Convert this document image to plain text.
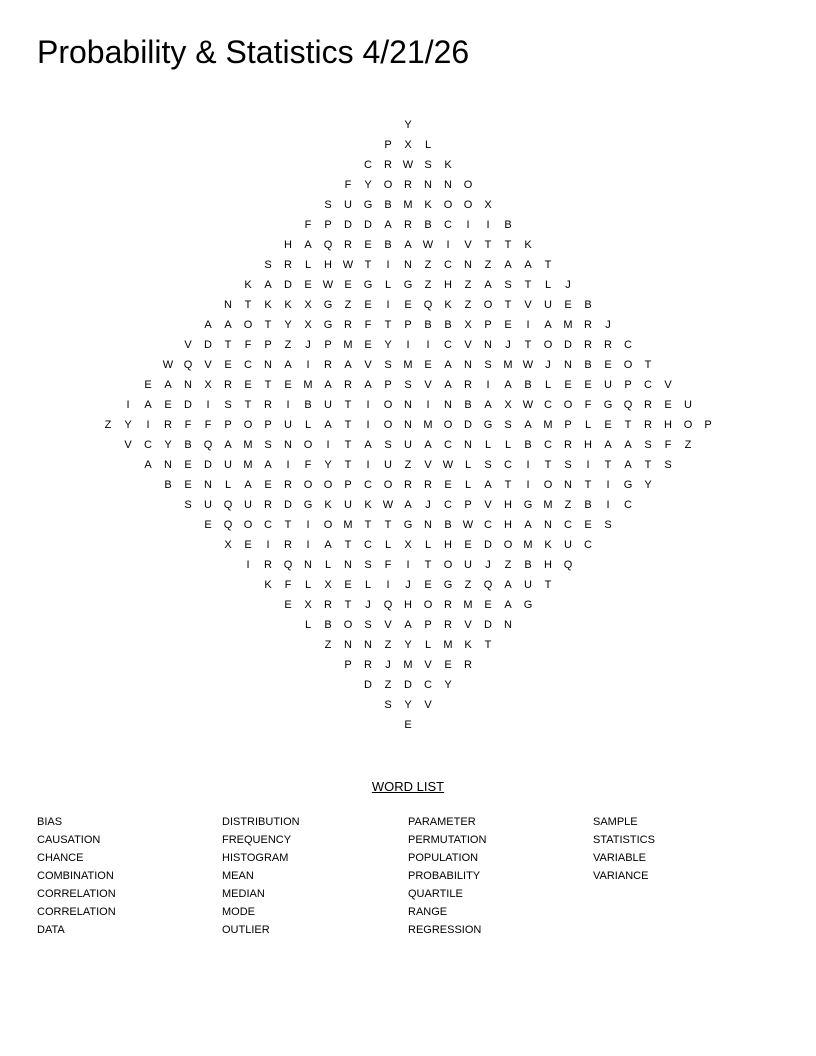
Probability & Statistics 4/21/26
Y
P	X	L
C	R W	S	K
F	Y	O	R	N	N	O
S	U	G	B	M	K	O	O	X
F	P	D	D	A	R	B	C	I	I	B
H	A	Q	R	E	B	A	W	I	V	T	T	K
S	R	L	H W	T	I	N	Z	C	N	Z	A	A	T
K	A	D	E	W	E	G	L	G	Z	H	Z	A	S	T	L	J
N	T	K	K	X	G	Z	E	I	E	Q	K	Z	O	T	V	U	E	B
A	A	O	T	Y	X	G	R	F	T	P	B	B	X	P	E	I	A	M	R	J
V	D	T	F	P	Z	J	P	M	E	Y	I	I	C	V	N	J	T	O	D	R	R	C
W Q	V	E	C	N	A	I	R	A	V	S	M	E	A	N	S	M W	J	N	B	E	O	T
E	A	N	X	R	E	T	E	M	A	R	A	P	S	V	A	R	I	A	B	L	E	E	U	P	C	V
I	A	E	D	I	S	T	R	I	B	U	T	I	O	N	I	N	B	A	X	W C	O	F	G	Q	R	E	U
Z	Y	I	R	F	F	P	O	P	U	L	A	T	I	O	N	M	O	D	G	S	A	M	P	L	E	T	R	H	O	P
V	C	Y	B	Q	A	M	S	N	O	I	T	A	S	U	A	C	N	L	L	B	C	R	H	A	A	S	F	Z
A	N	E	D	U	M	A	I	F	Y	T	I	U	Z	V	W	L	S	C	I	T	S	I	T	A	T	S
B	E	N	L	A	E	R	O	O	P	C	O	R	R	E	L	A	T	I	O	N	T	I	G	Y
S	U	Q	U	R	D	G	K	U	K	W	A	J	C	P	V	H	G	M	Z	B	I	C
E	Q	O	C	T	I	O	M	T	T	G	N	B	W C	H	A	N	C	E	S
X	E	I	R	I	A	T	C	L	X	L	H	E	D	O	M	K	U	C
I	R	Q	N	L	N	S	F	I	T	O	U	J	Z	B	H	Q
K	F	L	X	E	L	I	J	E	G	Z	Q	A	U	T
E	X	R	T	J	Q	H	O	R	M	E	A	G
L	B	O	S	V	A	P	R	V	D	N
Z	N	N	Z	Y	L	M	K	T
P	R	J	M	V	E	R
D	Z	D	C	Y
S	Y	V
E
WORD LIST
BIAS
CAUSATION
CHANCE
COMBINATION
CORRELATION
CORRELATION
DATA
DISTRIBUTION
FREQUENCY
HISTOGRAM
MEAN
MEDIAN
MODE
OUTLIER
PARAMETER
PERMUTATION
POPULATION
PROBABILITY
QUARTILE
RANGE
REGRESSION
SAMPLE
STATISTICS
VARIABLE
VARIANCE
